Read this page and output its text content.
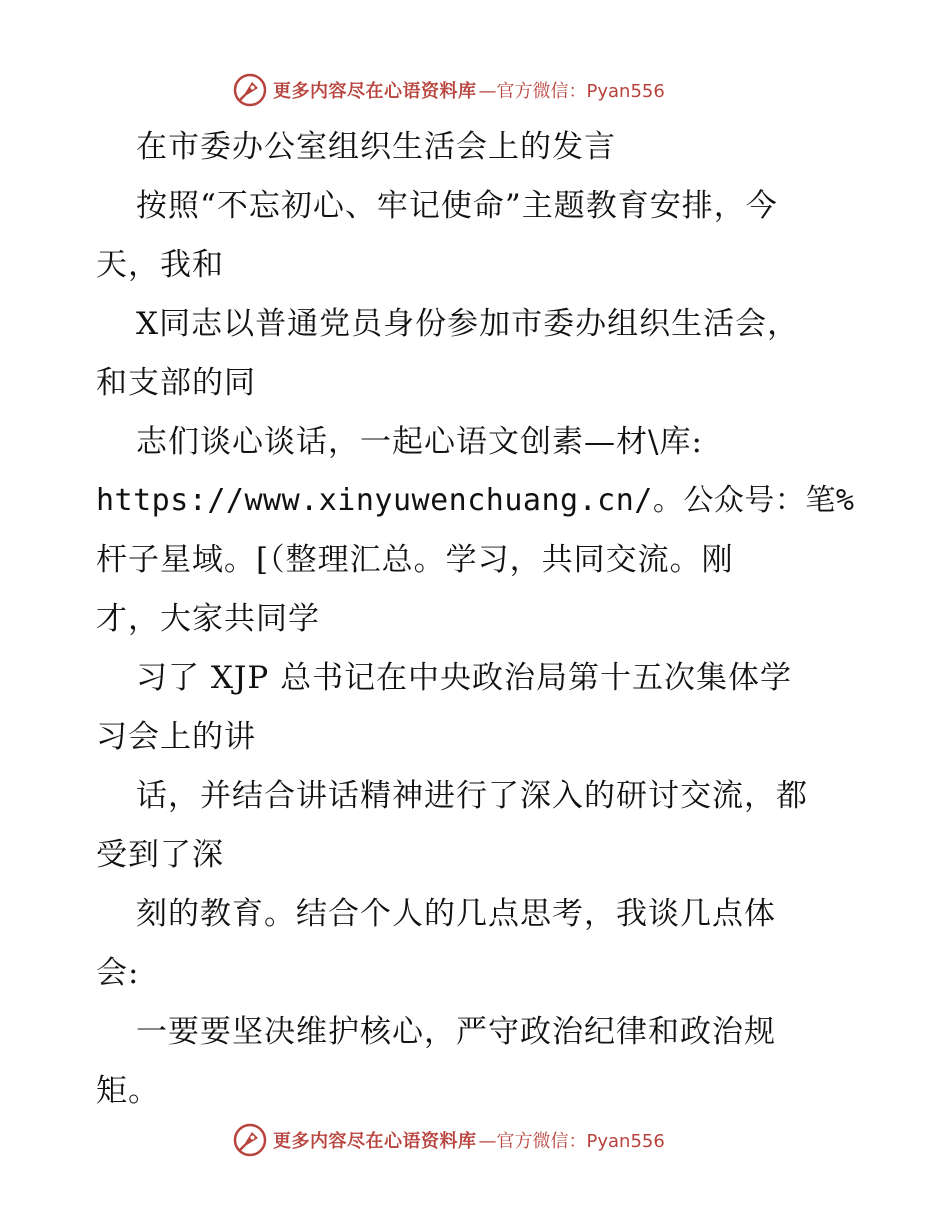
更多内容尽在心语资料库 —官方微信：Pyan556
在市委办公室组织生活会上的发言
按照“不忘初心、牢记使命”主题教育安排，今
天，我和
X同志以普通党员身份参加市委办组织生活会，
和支部的同
志们谈心谈话，一起心语文创素—材\库:
https://www.xinyuwenchuang.cn/。公众号：笔%
杆子星域。[（整理汇总。学习，共同交流。刚
才，大家共同学
习了 XJP 总书记在中央政治局第十五次集体学
习会上的讲
话，并结合讲话精神进行了深入的研讨交流，都
受到了深
刻的教育。结合个人的几点思考，我谈几点体
会:
一要要坚决维护核心，严守政治纪律和政治规
矩。
更多内容尽在心语资料库 —官方微信：Pyan556
